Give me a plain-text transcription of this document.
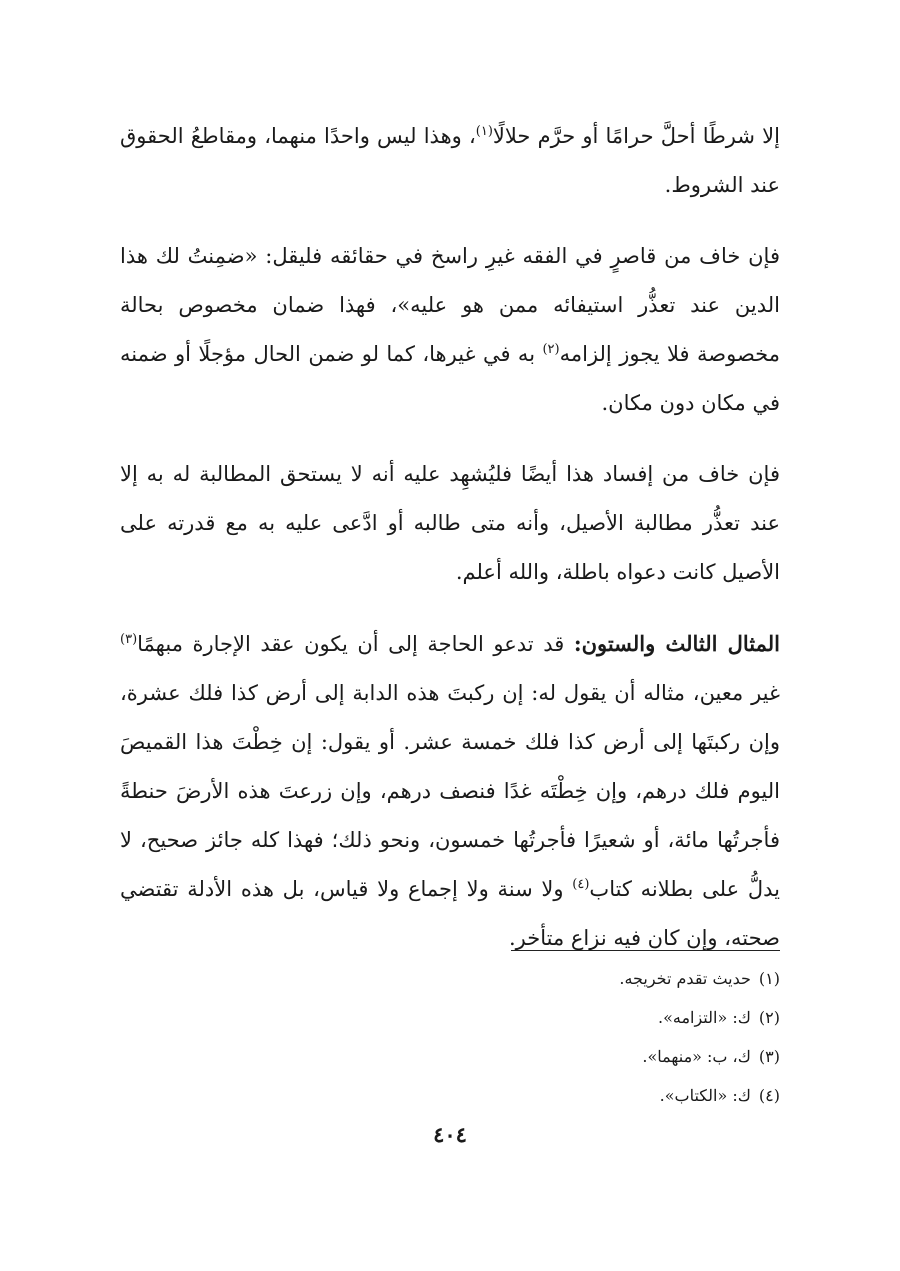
إلا شرطًا أحلَّ حرامًا أو حرَّم حلالًا$^{(١)}$، وهذا ليس واحدًا منهما، ومقاطعُ الحقوق عند الشروط.

فإن خاف من قاصرٍ في الفقه غيرِ راسخ في حقائقه فليقل: «ضمِنتُ لك هذا الدين عند تعذُّر استيفائه ممن هو عليه»، فهذا ضمان مخصوص بحالة مخصوصة فلا يجوز إلزامه$^{(٢)}$ به في غيرها، كما لو ضمن الحال مؤجلًا أو ضمنه في مكان دون مكان.

فإن خاف من إفساد هذا أيضًا فليُشهِد عليه أنه لا يستحق المطالبة له به إلا عند تعذُّر مطالبة الأصيل، وأنه متى طالبه أو ادَّعى عليه به مع قدرته على الأصيل كانت دعواه باطلة، والله أعلم.

المثال الثالث والستون: قد تدعو الحاجة إلى أن يكون عقد الإجارة مبهمًا$^{(٣)}$ غير معين، مثاله أن يقول له: إن ركبتَ هذه الدابة إلى أرض كذا فلك عشرة، وإن ركبتَها إلى أرض كذا فلك خمسة عشر. أو يقول: إن خِطْتَ هذا القميصَ اليوم فلك درهم، وإن خِطْتَه غدًا فنصف درهم، وإن زرعتَ هذه الأرضَ حنطةً فأجرتُها مائة، أو شعيرًا فأجرتُها خمسون، ونحو ذلك؛ فهذا كله جائز صحيح، لا يدلُّ على بطلانه كتاب$^{(٤)}$ ولا سنة ولا إجماع ولا قياس، بل هذه الأدلة تقتضي صحته، وإن كان فيه نزاع متأخر.

(١)حديث تقدم تخريجه.
(٢)ك: «التزامه».
(٣)ك، ب: «منهما».
(٤)ك: «الكتاب».
٤٠٤
